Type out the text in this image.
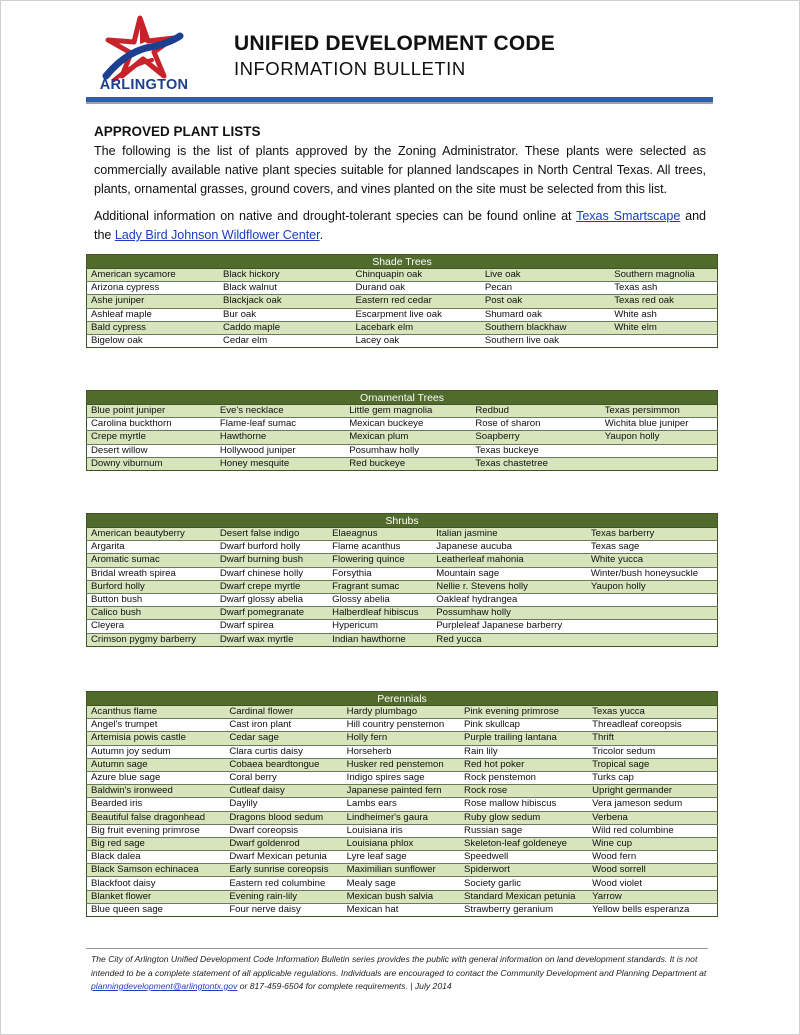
ARLINGTON
UNIFIED DEVELOPMENT CODE
INFORMATION BULLETIN
APPROVED PLANT LISTS

The following is the list of plants approved by the Zoning Administrator. These plants were selected as commercially available native plant species suitable for planned landscapes in North Central Texas. All trees, plants, ornamental grasses, ground covers, and vines planted on the site must be selected from this list.

Additional information on native and drought-tolerant species can be found online at Texas Smartscape and the Lady Bird Johnson Wildflower Center.

Shade Trees				
American sycamore	Black hickory	Chinquapin oak	Live oak	Southern magnolia
Arizona cypress	Black walnut	Durand oak	Pecan	Texas ash
Ashe juniper	Blackjack oak	Eastern red cedar	Post oak	Texas red oak
Ashleaf maple	Bur oak	Escarpment live oak	Shumard oak	White ash
Bald cypress	Caddo maple	Lacebark elm	Southern blackhaw	White elm
Bigelow oak	Cedar elm	Lacey oak	Southern live oak	
Ornamental Trees				
Blue point juniper	Eve's necklace	Little gem magnolia	Redbud	Texas persimmon
Carolina buckthorn	Flame-leaf sumac	Mexican buckeye	Rose of sharon	Wichita blue juniper
Crepe myrtle	Hawthorne	Mexican plum	Soapberry	Yaupon holly
Desert willow	Hollywood juniper	Posumhaw holly	Texas buckeye	
Downy viburnum	Honey mesquite	Red buckeye	Texas chastetree	
Shrubs				
American beautyberry	Desert false indigo	Elaeagnus	Italian jasmine	Texas barberry
Argarita	Dwarf burford holly	Flame acanthus	Japanese aucuba	Texas sage
Aromatic sumac	Dwarf burning bush	Flowering quince	Leatherleaf mahonia	White yucca
Bridal wreath spirea	Dwarf chinese holly	Forsythia	Mountain sage	Winter/bush honeysuckle
Burford holly	Dwarf crepe myrtle	Fragrant sumac	Nellie r. Stevens holly	Yaupon holly
Button bush	Dwarf glossy abelia	Glossy abelia	Oakleaf hydrangea	
Calico bush	Dwarf pomegranate	Halberdleaf hibiscus	Possumhaw holly	
Cleyera	Dwarf spirea	Hypericum	Purpleleaf Japanese barberry	
Crimson pygmy barberry	Dwarf wax myrtle	Indian hawthorne	Red yucca	
Perennials				
Acanthus flame	Cardinal flower	Hardy plumbago	Pink evening primrose	Texas yucca
Angel's trumpet	Cast iron plant	Hill country penstemon	Pink skullcap	Threadleaf coreopsis
Artemisia powis castle	Cedar sage	Holly fern	Purple trailing lantana	Thrift
Autumn joy sedum	Clara curtis daisy	Horseherb	Rain lily	Tricolor sedum
Autumn sage	Cobaea beardtongue	Husker red penstemon	Red hot poker	Tropical sage
Azure blue sage	Coral berry	Indigo spires sage	Rock penstemon	Turks cap
Baldwin's ironweed	Cutleaf daisy	Japanese painted fern	Rock rose	Upright germander
Bearded iris	Daylily	Lambs ears	Rose mallow hibiscus	Vera jameson sedum
Beautiful false dragonhead	Dragons blood sedum	Lindheimer's gaura	Ruby glow sedum	Verbena
Big fruit evening primrose	Dwarf coreopsis	Louisiana iris	Russian sage	Wild red columbine
Big red sage	Dwarf goldenrod	Louisiana phlox	Skeleton-leaf goldeneye	Wine cup
Black dalea	Dwarf Mexican petunia	Lyre leaf sage	Speedwell	Wood fern
Black Samson echinacea	Early sunrise coreopsis	Maximilian sunflower	Spiderwort	Wood sorrell
Blackfoot daisy	Eastern red columbine	Mealy sage	Society garlic	Wood violet
Blanket flower	Evening rain-lily	Mexican bush salvia	Standard Mexican petunia	Yarrow
Blue queen sage	Four nerve daisy	Mexican hat	Strawberry geranium	Yellow bells esperanza
The City of Arlington Unified Development Code Information Bulletin series provides the public with general information on land development standards. It is not intended to be a complete statement of all applicable regulations. Individuals are encouraged to contact the Community Development and Planning Department at planningdevelopment@arlingtontx.gov or 817-459-6504 for complete requirements. | July 2014
